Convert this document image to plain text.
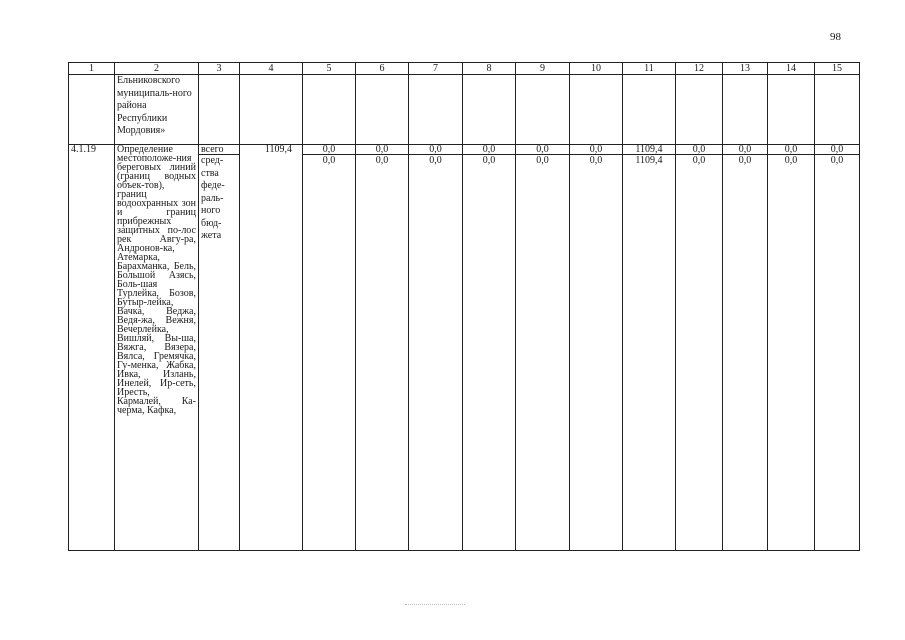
98
1	2	3	4	5	6	7	8	9	10	11	12	13	14	15
	Ельниковского муниципаль-ного района Республики Мордовия»													
4.1.19	Определение местоположе-ния береговых линий (границ водных объек-тов), границ водоохранных зон и границ прибрежных защитных по-лос рек Авгу-ра, Андронов-ка, Атемарка, Барахманка, Бель, Большой Азясь, Боль-шая Турлейка, Бозов, Бутыр-лейка, Вачка, Веджа, Ведя-жа, Вежня, Вечерлейка, Вишляй, Вы-ша, Вяжга, Вязера, Вялса, Гремячка, Гу-менка, Жабка, Ивка, Излань, Инелей, Ир-сеть, Иресть, Кармалей, Ка-черма, Кафка,	всего	1109,4	0,0	0,0	0,0	0,0	0,0	0,0	1109,4	0,0	0,0	0,0	0,0
		сред-ства феде-раль-ного бюд-жета		0,0	0,0	0,0	0,0	0,0	0,0	1109,4	0,0	0,0	0,0	0,0
